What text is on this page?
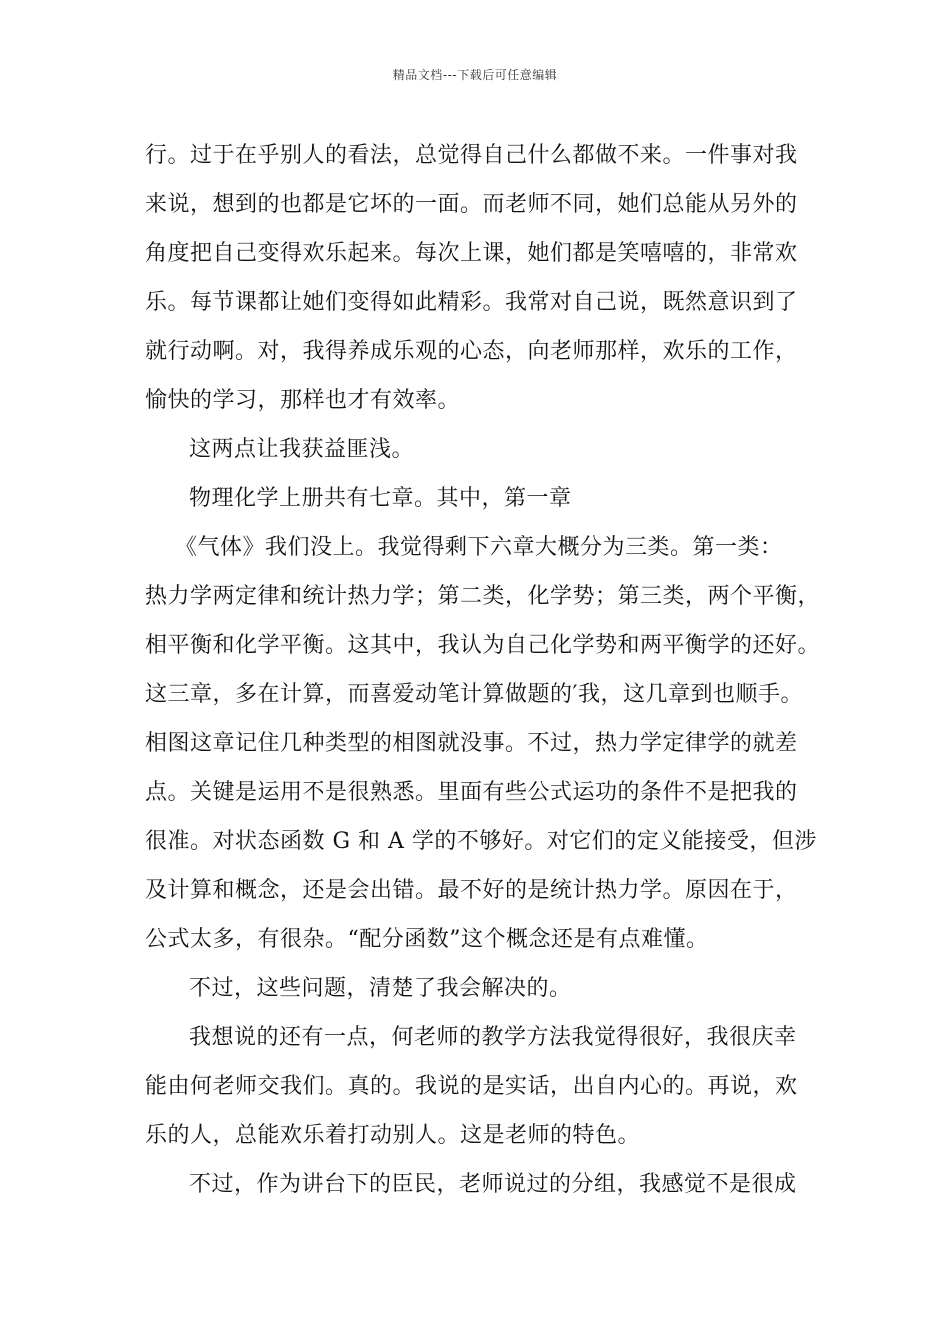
精品文档---下载后可任意编辑
行。过于在乎别人的看法，总觉得自己什么都做不来。一件事对我
来说，想到的也都是它坏的一面。而老师不同，她们总能从另外的
角度把自己变得欢乐起来。每次上课，她们都是笑嘻嘻的，非常欢
乐。每节课都让她们变得如此精彩。我常对自己说，既然意识到了
就行动啊。对，我得养成乐观的心态，向老师那样，欢乐的工作，
愉快的学习，那样也才有效率。
这两点让我获益匪浅。
物理化学上册共有七章。其中，第一章
《气体》我们没上。我觉得剩下六章大概分为三类。第一类：
热力学两定律和统计热力学；第二类，化学势；第三类，两个平衡，
相平衡和化学平衡。这其中，我认为自己化学势和两平衡学的还好。
这三章，多在计算，而喜爱动笔计算做题的′我，这几章到也顺手。
相图这章记住几种类型的相图就没事。不过，热力学定律学的就差
点。关键是运用不是很熟悉。里面有些公式运功的条件不是把我的
很准。对状态函数 G 和 A 学的不够好。对它们的定义能接受，但涉
及计算和概念，还是会出错。最不好的是统计热力学。原因在于，
公式太多，有很杂。“配分函数”这个概念还是有点难懂。
不过，这些问题，清楚了我会解决的。
我想说的还有一点，何老师的教学方法我觉得很好，我很庆幸
能由何老师交我们。真的。我说的是实话，出自内心的。再说，欢
乐的人，总能欢乐着打动别人。这是老师的特色。
不过，作为讲台下的臣民，老师说过的分组，我感觉不是很成
